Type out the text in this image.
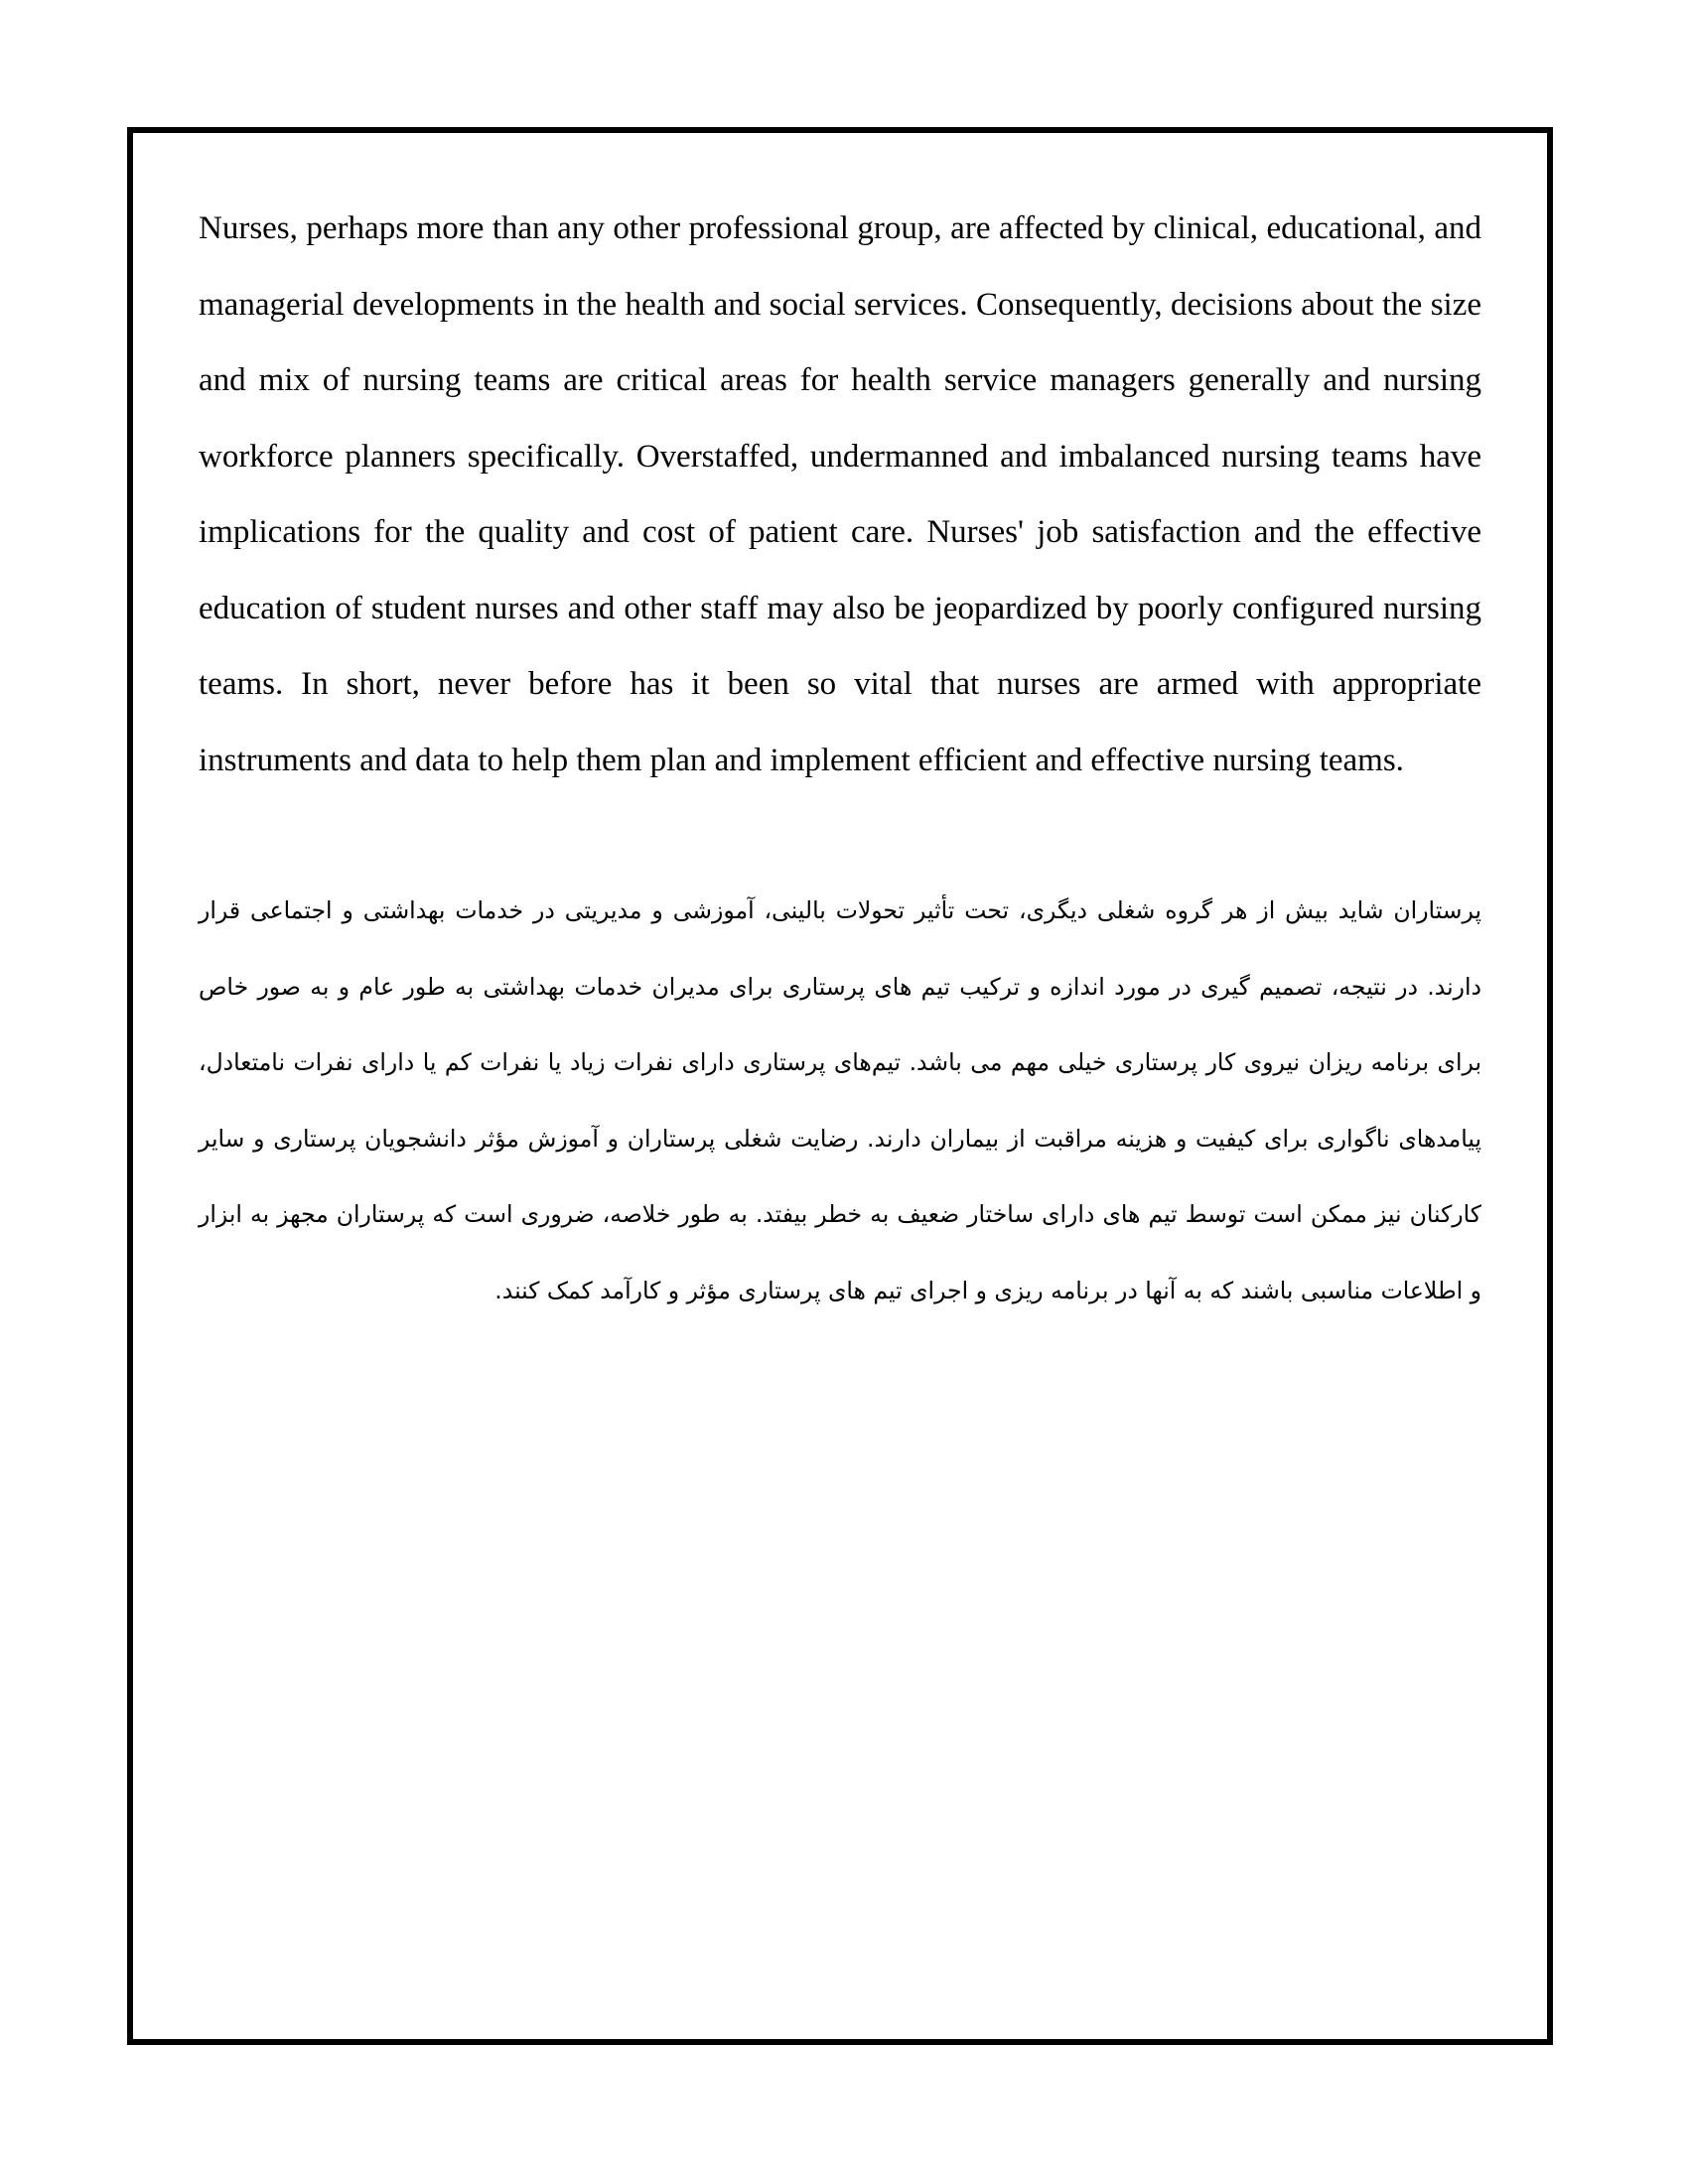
Nurses, perhaps more than any other professional group, are affected by clinical, educational, and managerial developments in the health and social services. Consequently, decisions about the size and mix of nursing teams are critical areas for health service managers generally and nursing workforce planners specifically. Overstaffed, undermanned and imbalanced nursing teams have implications for the quality and cost of patient care. Nurses' job satisfaction and the effective education of student nurses and other staff may also be jeopardized by poorly configured nursing teams. In short, never before has it been so vital that nurses are armed with appropriate instruments and data to help them plan and implement efficient and effective nursing teams.

پرستاران شاید بیش از هر گروه شغلی دیگری، تحت تأثیر تحولات بالینی، آموزشی و مدیریتی در خدمات بهداشتی و اجتماعی قرار دارند. در نتیجه، تصمیم گیری در مورد اندازه و ترکیب تیم های پرستاری برای مدیران خدمات بهداشتی به طور عام و به صور خاص برای برنامه ریزان نیروی کار پرستاری خیلی مهم می باشد. تیم‌های پرستاری دارای نفرات زیاد یا نفرات کم یا دارای نفرات نامتعادل، پیامدهای ناگواری برای کیفیت و هزینه مراقبت از بیماران دارند. رضایت شغلی پرستاران و آموزش مؤثر دانشجویان پرستاری و سایر کارکنان نیز ممکن است توسط تیم های دارای ساختار ضعیف به خطر بیفتد. به طور خلاصه، ضروری است که پرستاران مجهز به ابزار و اطلاعات مناسبی باشند که به آنها در برنامه ریزی و اجرای تیم های پرستاری مؤثر و کارآمد کمک کنند.
